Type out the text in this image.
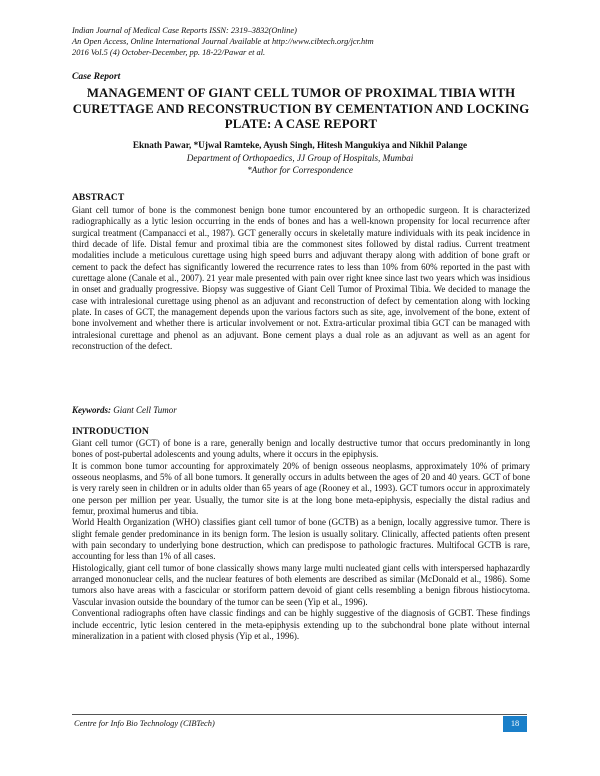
Indian Journal of Medical Case Reports ISSN: 2319–3832(Online)
An Open Access, Online International Journal Available at http://www.cibtech.org/jcr.htm
2016 Vol.5 (4) October-December, pp. 18-22/Pawar et al.
Case Report
MANAGEMENT OF GIANT CELL TUMOR OF PROXIMAL TIBIA WITH CURETTAGE AND RECONSTRUCTION BY CEMENTATION AND LOCKING PLATE: A CASE REPORT
Eknath Pawar, *Ujwal Ramteke, Ayush Singh, Hitesh Mangukiya and Nikhil Palange
Department of Orthopaedics, JJ Group of Hospitals, Mumbai
*Author for Correspondence
ABSTRACT

Giant cell tumor of bone is the commonest benign bone tumor encountered by an orthopedic surgeon. It is characterized radiographically as a lytic lesion occurring in the ends of bones and has a well-known propensity for local recurrence after surgical treatment (Campanacci et al., 1987). GCT generally occurs in skeletally mature individuals with its peak incidence in third decade of life. Distal femur and proximal tibia are the commonest sites followed by distal radius. Current treatment modalities include a meticulous curettage using high speed burrs and adjuvant therapy along with addition of bone graft or cement to pack the defect has significantly lowered the recurrence rates to less than 10% from 60% reported in the past with curettage alone (Canale et al., 2007). 21 year male presented with pain over right knee since last two years which was insidious in onset and gradually progressive. Biopsy was suggestive of Giant Cell Tumor of Proximal Tibia. We decided to manage the case with intralesional curettage using phenol as an adjuvant and reconstruction of defect by cementation along with locking plate. In cases of GCT, the management depends upon the various factors such as site, age, involvement of the bone, extent of bone involvement and whether there is articular involvement or not. Extra-articular proximal tibia GCT can be managed with intralesional curettage and phenol as an adjuvant. Bone cement plays a dual role as an adjuvant as well as an agent for reconstruction of the defect.

Keywords: Giant Cell Tumor
INTRODUCTION

Giant cell tumor (GCT) of bone is a rare, generally benign and locally destructive tumor that occurs predominantly in long bones of post-pubertal adolescents and young adults, where it occurs in the epiphysis.

It is common bone tumor accounting for approximately 20% of benign osseous neoplasms, approximately 10% of primary osseous neoplasms, and 5% of all bone tumors. It generally occurs in adults between the ages of 20 and 40 years. GCT of bone is very rarely seen in children or in adults older than 65 years of age (Rooney et al., 1993). GCT tumors occur in approximately one person per million per year. Usually, the tumor site is at the long bone meta-epiphysis, especially the distal radius and femur, proximal humerus and tibia.

World Health Organization (WHO) classifies giant cell tumor of bone (GCTB) as a benign, locally aggressive tumor. There is slight female gender predominance in its benign form. The lesion is usually solitary. Clinically, affected patients often present with pain secondary to underlying bone destruction, which can predispose to pathologic fractures. Multifocal GCTB is rare, accounting for less than 1% of all cases.

Histologically, giant cell tumor of bone classically shows many large multi nucleated giant cells with interspersed haphazardly arranged mononuclear cells, and the nuclear features of both elements are described as similar (McDonald et al., 1986). Some tumors also have areas with a fascicular or storiform pattern devoid of giant cells resembling a benign fibrous histiocytoma. Vascular invasion outside the boundary of the tumor can be seen (Yip et al., 1996).

Conventional radiographs often have classic findings and can be highly suggestive of the diagnosis of GCBT. These findings include eccentric, lytic lesion centered in the meta-epiphysis extending up to the subchondral bone plate without internal mineralization in a patient with closed physis (Yip et al., 1996).

Centre for Info Bio Technology (CIBTech)	18
